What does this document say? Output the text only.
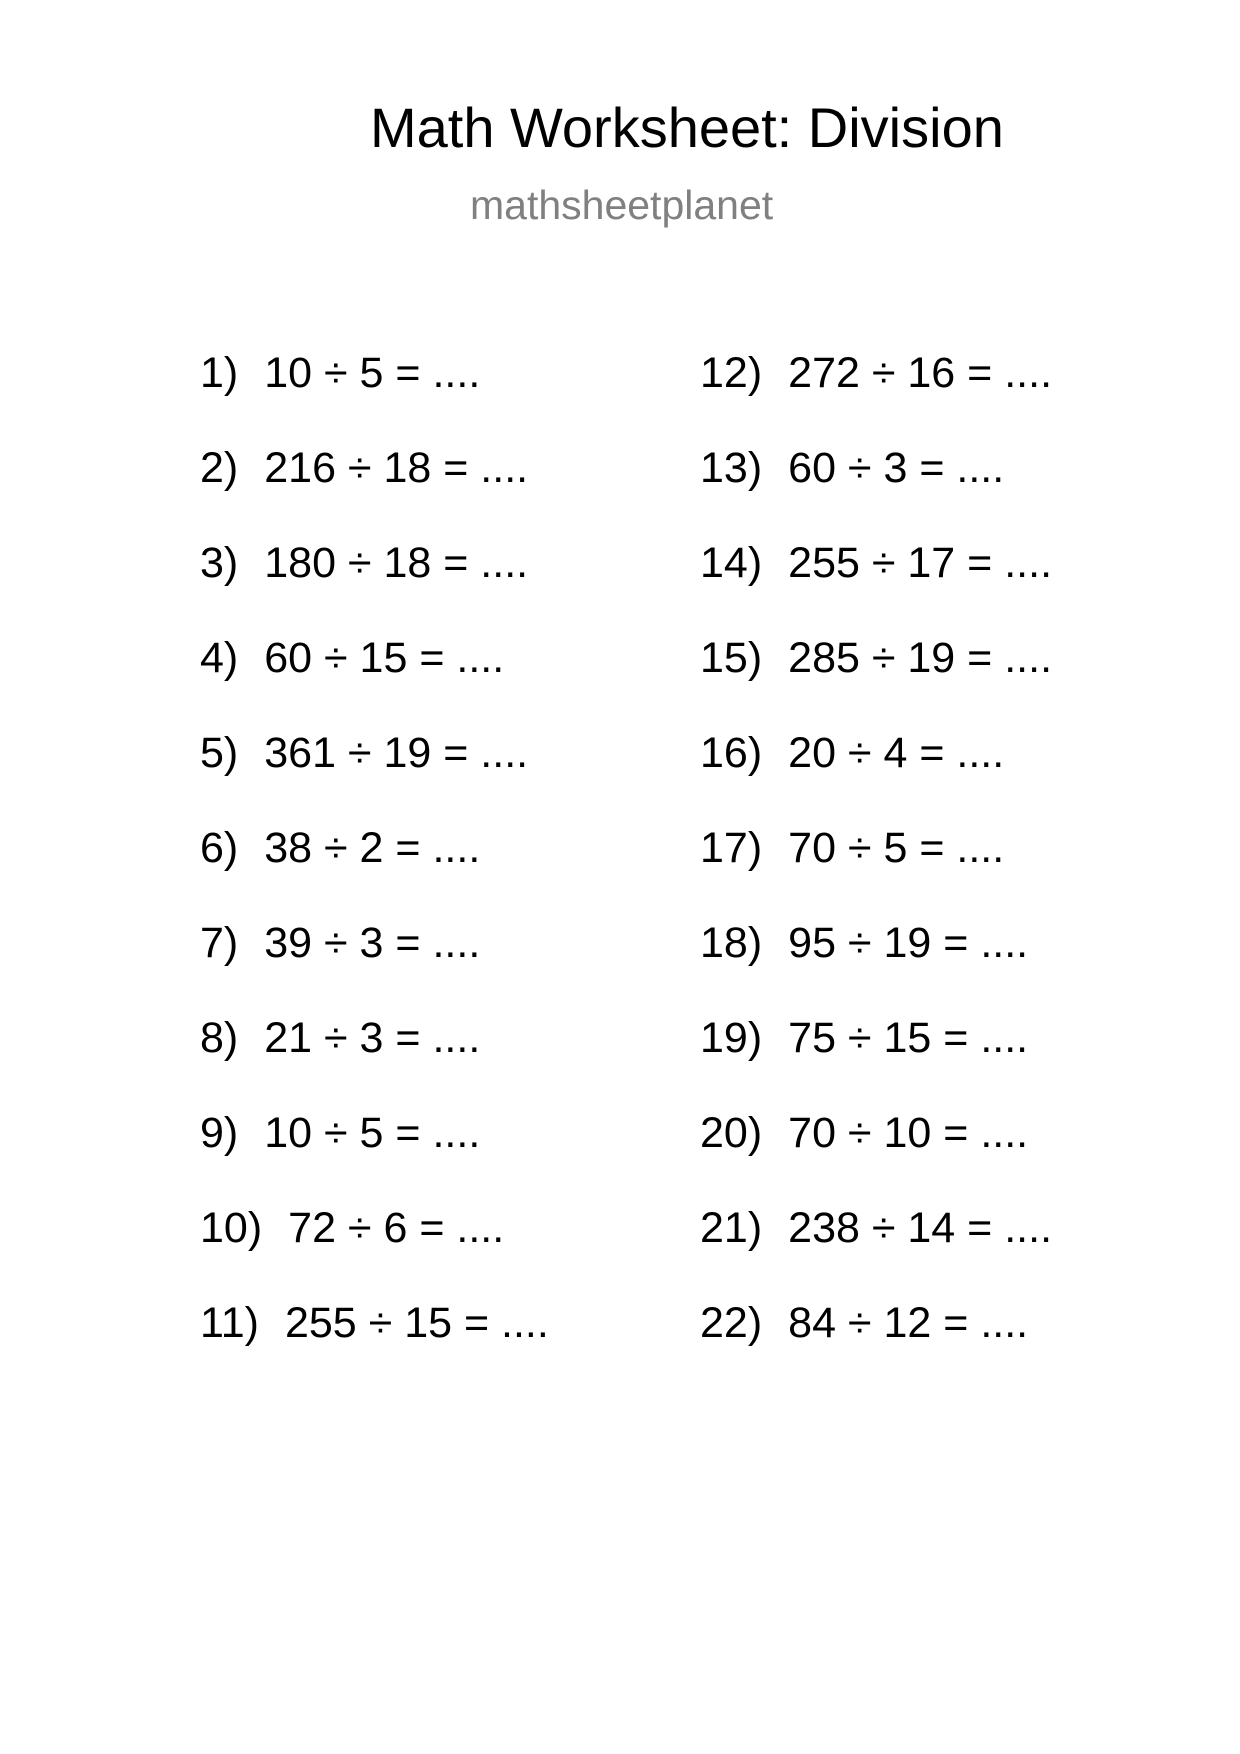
Math Worksheet: Division
mathsheetplanet
1) 10 ÷ 5 = ....
2) 216 ÷ 18 = ....
3) 180 ÷ 18 = ....
4) 60 ÷ 15 = ....
5) 361 ÷ 19 = ....
6) 38 ÷ 2 = ....
7) 39 ÷ 3 = ....
8) 21 ÷ 3 = ....
9) 10 ÷ 5 = ....
10) 72 ÷ 6 = ....
11) 255 ÷ 15 = ....
12) 272 ÷ 16 = ....
13) 60 ÷ 3 = ....
14) 255 ÷ 17 = ....
15) 285 ÷ 19 = ....
16) 20 ÷ 4 = ....
17) 70 ÷ 5 = ....
18) 95 ÷ 19 = ....
19) 75 ÷ 15 = ....
20) 70 ÷ 10 = ....
21) 238 ÷ 14 = ....
22) 84 ÷ 12 = ....
